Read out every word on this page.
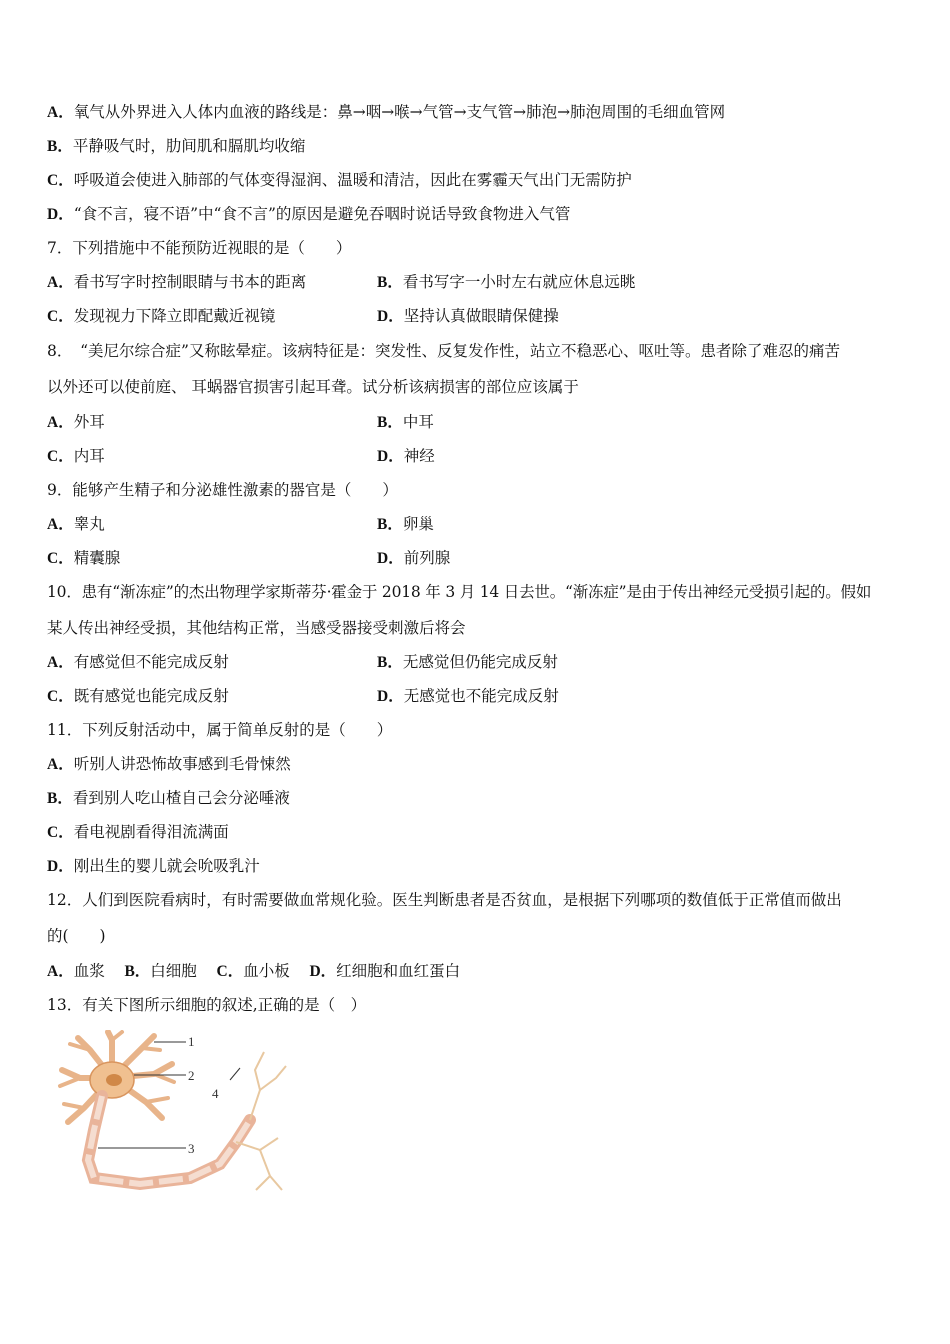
A．氧气从外界进入人体内血液的路线是：鼻→咽→喉→气管→支气管→肺泡→肺泡周围的毛细血管网
B．平静吸气时，肋间肌和膈肌均收缩
C．呼吸道会使进入肺部的气体变得湿润、温暖和清洁，因此在雾霾天气出门无需防护
D．“食不言，寝不语”中“食不言”的原因是避免吞咽时说话导致食物进入气管
7．下列措施中不能预防近视眼的是（　　）
A．看书写字时控制眼睛与书本的距离	B．看书写字一小时左右就应休息远眺
C．发现视力下降立即配戴近视镜	D．坚持认真做眼睛保健操
8．　“美尼尔综合症”又称眩晕症。该病特征是：突发性、反复发作性，站立不稳恶心、呕吐等。患者除了难忍的痛苦
以外还可以使前庭、 耳蜗器官损害引起耳聋。试分析该病损害的部位应该属于
A．外耳	B．中耳
C．内耳	D．神经
9．能够产生精子和分泌雄性激素的器官是（　　）
A．睾丸	B．卵巢
C．精囊腺	D．前列腺
10．患有“渐冻症”的杰出物理学家斯蒂芬·霍金于 2018 年 3 月 14 日去世。“渐冻症”是由于传出神经元受损引起的。假如
某人传出神经受损，其他结构正常，当感受器接受刺激后将会
A．有感觉但不能完成反射	B．无感觉但仍能完成反射
C．既有感觉也能完成反射	D．无感觉也不能完成反射
11．下列反射活动中，属于简单反射的是（　　）
A．听别人讲恐怖故事感到毛骨悚然
B．看到别人吃山楂自己会分泌唾液
C．看电视剧看得泪流满面
D．刚出生的婴儿就会吮吸乳汁
12．人们到医院看病时，有时需要做血常规化验。医生判断患者是否贫血，是根据下列哪项的数值低于正常值而做出
的(　　)
A．血浆 B．白细胞 C．血小板 D．红细胞和血红蛋白
13．有关下图所示细胞的叙述,正确的是（　）
1
2
3
4
